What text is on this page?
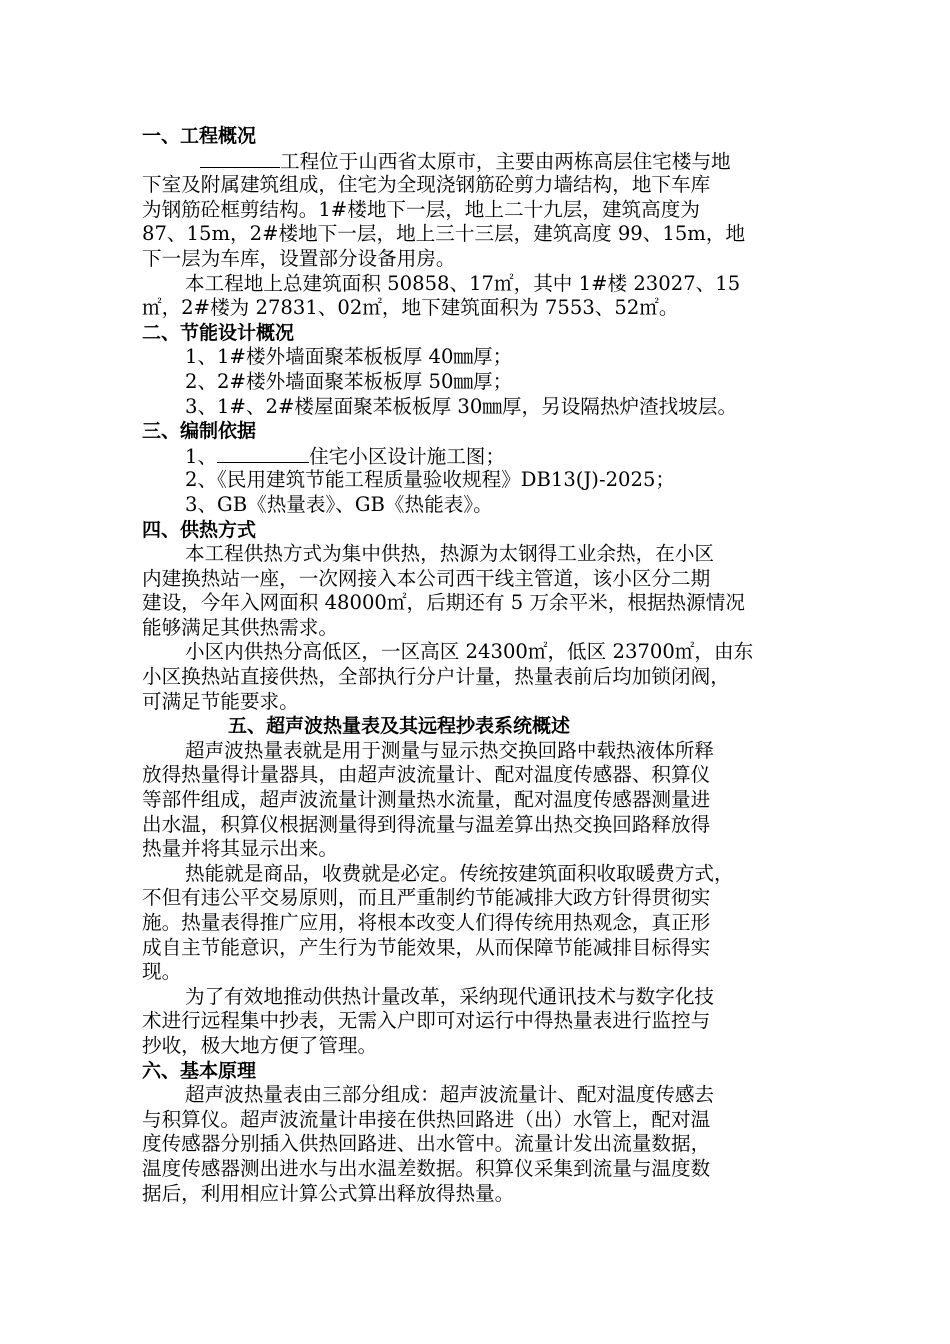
一、工程概况
工程位于山西省太原市，主要由两栋高层住宅楼与地
下室及附属建筑组成，住宅为全现浇钢筋砼剪力墙结构，地下车库
为钢筋砼框剪结构。1#楼地下一层，地上二十九层，建筑高度为
87、15m，2#楼地下一层，地上三十三层，建筑高度 99、15m，地
下一层为车库，设置部分设备用房。
本工程地上总建筑面积 50858、17㎡，其中 1#楼 23027、15
㎡，2#楼为 27831、02㎡，地下建筑面积为 7553、52㎡。
二、节能设计概况
1、1#楼外墙面聚苯板板厚 40㎜厚；
2、2#楼外墙面聚苯板板厚 50㎜厚；
3、1#、2#楼屋面聚苯板板厚 30㎜厚，另设隔热炉渣找坡层。
三、编制依据
1、	住宅小区设计施工图；
2、《民用建筑节能工程质量验收规程》DB13(J)-2025；
3、GB《热量表》、GB《热能表》。
四、供热方式
本工程供热方式为集中供热，热源为太钢得工业余热，在小区
内建换热站一座，一次网接入本公司西干线主管道，该小区分二期
建设，今年入网面积 48000㎡，后期还有 5 万余平米，根据热源情况
能够满足其供热需求。
小区内供热分高低区，一区高区 24300㎡，低区 23700㎡，由东
小区换热站直接供热，全部执行分户计量，热量表前后均加锁闭阀，
可满足节能要求。
五、超声波热量表及其远程抄表系统概述
超声波热量表就是用于测量与显示热交换回路中载热液体所释
放得热量得计量器具，由超声波流量计、配对温度传感器、积算仪
等部件组成，超声波流量计测量热水流量，配对温度传感器测量进
出水温，积算仪根据测量得到得流量与温差算出热交换回路释放得
热量并将其显示出来。
热能就是商品，收费就是必定。传统按建筑面积收取暖费方式，
不但有违公平交易原则，而且严重制约节能减排大政方针得贯彻实
施。热量表得推广应用，将根本改变人们得传统用热观念，真正形
成自主节能意识，产生行为节能效果，从而保障节能减排目标得实
现。
为了有效地推动供热计量改革，采纳现代通讯技术与数字化技
术进行远程集中抄表，无需入户即可对运行中得热量表进行监控与
抄收，极大地方便了管理。
六、基本原理
超声波热量表由三部分组成：超声波流量计、配对温度传感去
与积算仪。超声波流量计串接在供热回路进（出）水管上，配对温
度传感器分别插入供热回路进、出水管中。流量计发出流量数据，
温度传感器测出进水与出水温差数据。积算仪采集到流量与温度数
据后，利用相应计算公式算出释放得热量。
